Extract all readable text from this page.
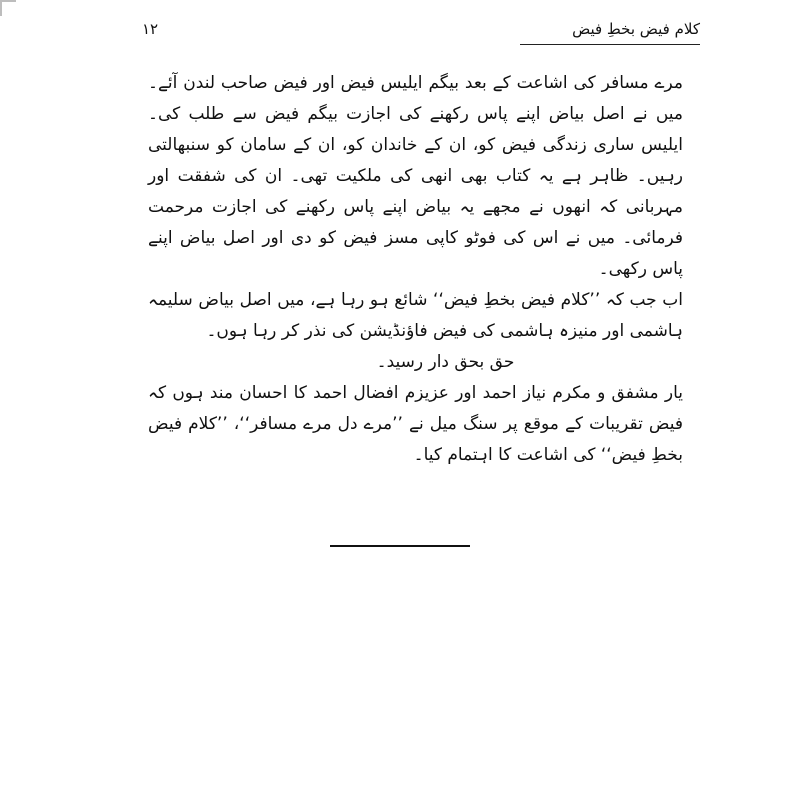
کلام فیض بخطِ فیض
۱۲

مرے مسافر کی اشاعت کے بعد بیگم ایلیس فیض اور فیض صاحب لندن آئے۔ میں نے اصل بیاض اپنے پاس رکھنے کی اجازت بیگم فیض سے طلب کی۔ ایلیس ساری زندگی فیض کو، ان کے خاندان کو، ان کے سامان کو سنبھالتی رہیں۔ ظاہر ہے یہ کتاب بھی انھی کی ملکیت تھی۔ ان کی شفقت اور مہربانی کہ انھوں نے مجھے یہ بیاض اپنے پاس رکھنے کی اجازت مرحمت فرمائی۔ میں نے اس کی فوٹو کاپی مسز فیض کو دی اور اصل بیاض اپنے پاس رکھی۔

اب جب کہ ’’کلام فیض بخطِ فیض‘‘ شائع ہو رہا ہے، میں اصل بیاض سلیمہ ہاشمی اور منیزہ ہاشمی کی فیض فاؤنڈیشن کی نذر کر رہا ہوں۔

حق بحق دار رسید۔

یار مشفق و مکرم نیاز احمد اور عزیزم افضال احمد کا احسان مند ہوں کہ فیض تقریبات کے موقع پر سنگ میل نے ’’مرے دل مرے مسافر‘‘، ’’کلام فیض بخطِ فیض‘‘ کی اشاعت کا اہتمام کیا۔
